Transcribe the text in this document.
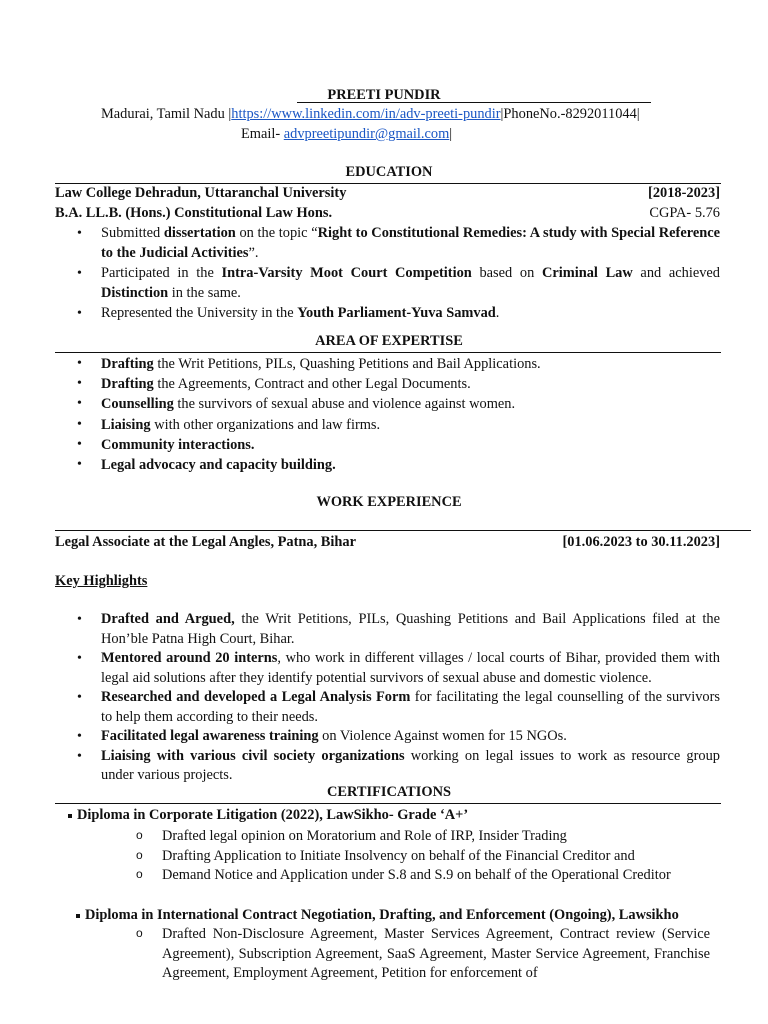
PREETI PUNDIR
Madurai, Tamil Nadu |https://www.linkedin.com/in/adv-preeti-pundir|PhoneNo.-8292011044|
Email- advpreetipundir@gmail.com|
EDUCATION
Law College Dehradun, Uttaranchal University	[2018-2023]
B.A. LL.B. (Hons.) Constitutional Law Hons.	CGPA- 5.76
• Submitted dissertation on the topic “Right to Constitutional Remedies: A study with Special Reference to the Judicial Activities”.
• Participated in the Intra-Varsity Moot Court Competition based on Criminal Law and achieved Distinction in the same.
• Represented the University in the Youth Parliament-Yuva Samvad.
AREA OF EXPERTISE
• Drafting the Writ Petitions, PILs, Quashing Petitions and Bail Applications.
• Drafting the Agreements, Contract and other Legal Documents.
• Counselling the survivors of sexual abuse and violence against women.
• Liaising with other organizations and law firms.
• Community interactions.
• Legal advocacy and capacity building.
WORK EXPERIENCE
Legal Associate at the Legal Angles, Patna, Bihar	[01.06.2023 to 30.11.2023]
Key Highlights
• Drafted and Argued, the Writ Petitions, PILs, Quashing Petitions and Bail Applications filed at the Hon’ble Patna High Court, Bihar.
• Mentored around 20 interns, who work in different villages / local courts of Bihar, provided them with legal aid solutions after they identify potential survivors of sexual abuse and domestic violence.
• Researched and developed a Legal Analysis Form for facilitating the legal counselling of the survivors to help them according to their needs.
• Facilitated legal awareness training on Violence Against women for 15 NGOs.
• Liaising with various civil society organizations working on legal issues to work as resource group under various projects.
CERTIFICATIONS
Diploma in Corporate Litigation (2022), LawSikho- Grade ‘A+’
o Drafted legal opinion on Moratorium and Role of IRP, Insider Trading
o Drafting Application to Initiate Insolvency on behalf of the Financial Creditor and
o Demand Notice and Application under S.8 and S.9 on behalf of the Operational Creditor
Diploma in International Contract Negotiation, Drafting, and Enforcement (Ongoing), Lawsikho
o Drafted Non-Disclosure Agreement, Master Services Agreement, Contract review (Service Agreement), Subscription Agreement, SaaS Agreement, Master Service Agreement, Franchise Agreement, Employment Agreement, Petition for enforcement of
